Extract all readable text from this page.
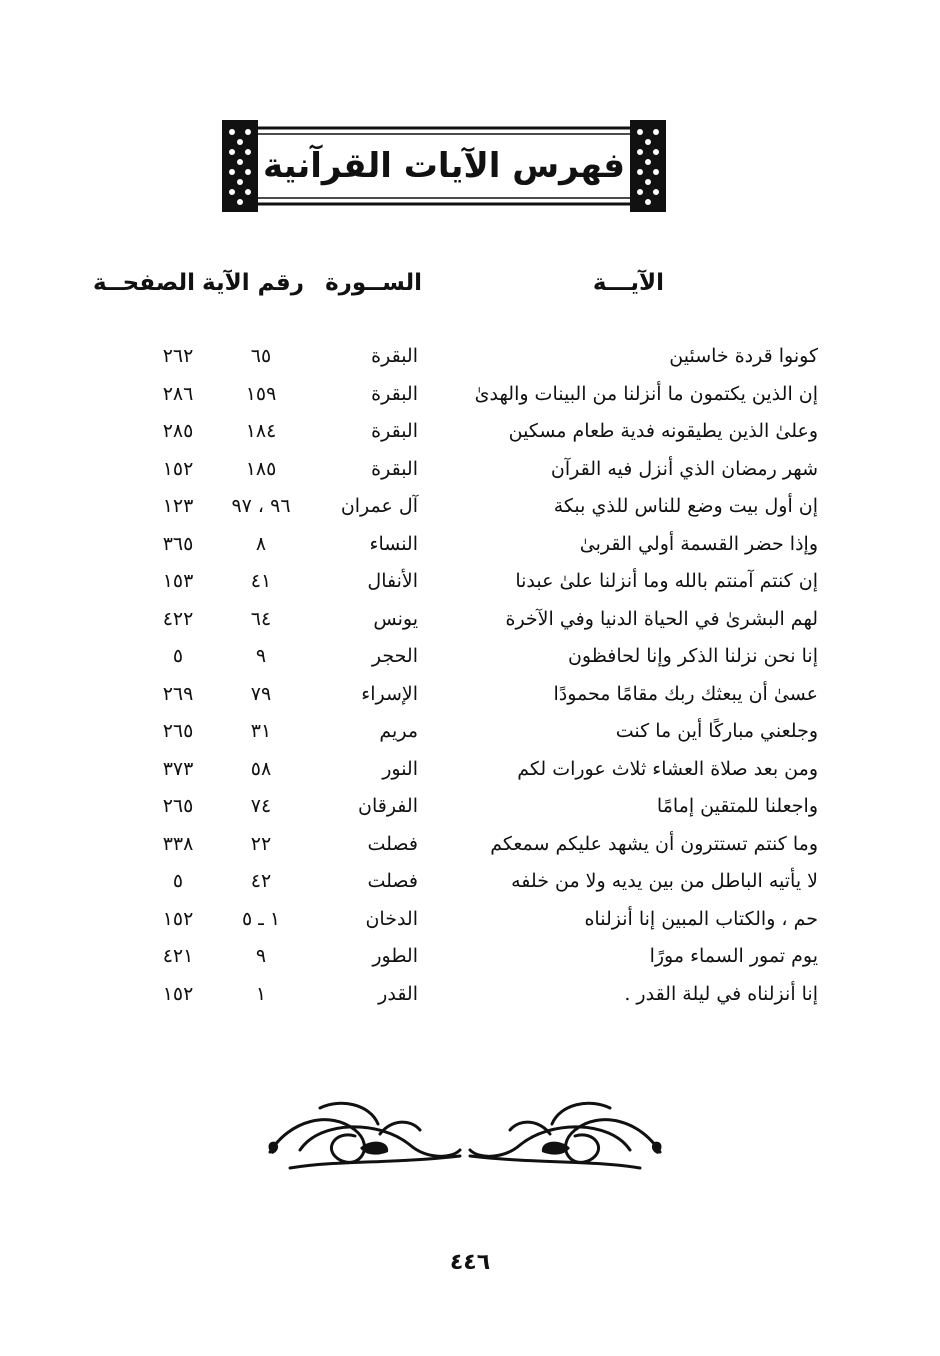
فهرس الآيات القرآنية
الآيـــة
الســورة
رقم الآية
الصفحــة
كونوا قردة خاسئين
البقرة
٦٥
٢٦٢
إن الذين يكتمون ما أنزلنا من البينات والهدىٰ
البقرة
١٥٩
٢٨٦
وعلىٰ الذين يطيقونه فدية طعام مسكين
البقرة
١٨٤
٢٨٥
شهر رمضان الذي أنزل فيه القرآن
البقرة
١٨٥
١٥٢
إن أول بيت وضع للناس للذي ببكة
آل عمران
٩٦ ، ٩٧
١٢٣
وإذا حضر القسمة أولي القربىٰ
النساء
٨
٣٦٥
إن كنتم آمنتم بالله وما أنزلنا علىٰ عبدنا
الأنفال
٤١
١٥٣
لهم البشرىٰ في الحياة الدنيا وفي الآخرة
يونس
٦٤
٤٢٢
إنا نحن نزلنا الذكر وإنا لحافظون
الحجر
٩
٥
عسىٰ أن يبعثك ربك مقامًا محمودًا
الإسراء
٧٩
٢٦٩
وجلعني مباركًا أين ما كنت
مريم
٣١
٢٦٥
ومن بعد صلاة العشاء ثلاث عورات لكم
النور
٥٨
٣٧٣
واجعلنا للمتقين إمامًا
الفرقان
٧٤
٢٦٥
وما كنتم تستترون أن يشهد عليكم سمعكم
فصلت
٢٢
٣٣٨
لا يأتيه الباطل من بين يديه ولا من خلفه
فصلت
٤٢
٥
حم ، والكتاب المبين إنا أنزلناه
الدخان
١ ـ ٥
١٥٢
يوم تمور السماء مورًا
الطور
٩
٤٢١
إنا أنزلناه في ليلة القدر .
القدر
١
١٥٢
٤٤٦
